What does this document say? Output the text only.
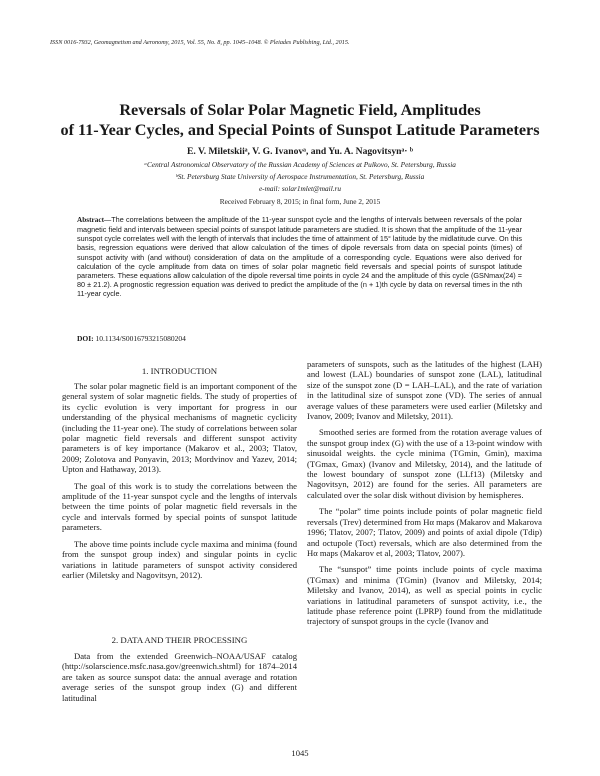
ISSN 0016-7932, Geomagnetism and Aeronomy, 2015, Vol. 55, No. 8, pp. 1045–1048. © Pleiades Publishing, Ltd., 2015.
Reversals of Solar Polar Magnetic Field, Amplitudes
of 11-Year Cycles, and Special Points of Sunspot Latitude Parameters
E. V. Miletskiiᵃ, V. G. Ivanovᵃ, and Yu. A. Nagovitsynᵃ· ᵇ
ᵃCentral Astronomical Observatory of the Russian Academy of Sciences at Pulkovo, St. Petersburg, Russia
ᵇSt. Petersburg State University of Aerospace Instrumentation, St. Petersburg, Russia
e-mail: solar1mlet@mail.ru
Received February 8, 2015; in final form, June 2, 2015
Abstract—The correlations between the amplitude of the 11-year sunspot cycle and the lengths of intervals between reversals of the polar magnetic field and intervals between special points of sunspot latitude parameters are studied. It is shown that the amplitude of the 11-year sunspot cycle correlates well with the length of intervals that includes the time of attainment of 15° latitude by the midlatitude curve. On this basis, regression equations were derived that allow calculation of the times of dipole reversals from data on special points (times) of sunspot activity with (and without) consideration of data on the amplitude of a corresponding cycle. Equations were also derived for calculation of the cycle amplitude from data on times of solar polar magnetic field reversals and special points of sunspot latitude parameters. These equations allow calculation of the dipole reversal time points in cycle 24 and the amplitude of this cycle (GSNmax(24) = 80 ± 21.2). A prognostic regression equation was derived to predict the amplitude of the (n + 1)th cycle by data on reversal times in the nth 11-year cycle.
DOI: 10.1134/S0016793215080204
1. INTRODUCTION

The solar polar magnetic field is an important component of the general system of solar magnetic fields. The study of properties of its cyclic evolution is very important for progress in our understanding of the physical mechanisms of magnetic cyclicity (including the 11-year one). The study of correlations between solar polar magnetic field reversals and different sunspot activity parameters is of key importance (Makarov et al., 2003; Tlatov, 2009; Zolotova and Ponyavin, 2013; Mordvinov and Yazev, 2014; Upton and Hathaway, 2013).

The goal of this work is to study the correlations between the amplitude of the 11-year sunspot cycle and the lengths of intervals between the time points of polar magnetic field reversals in the cycle and intervals formed by special points of sunspot latitude parameters.

The above time points include cycle maxima and minima (found from the sunspot group index) and singular points in cyclic variations in latitude parameters of sunspot activity considered earlier (Miletsky and Nagovitsyn, 2012).

2. DATA AND THEIR PROCESSING

Data from the extended Greenwich–NOAA/USAF catalog (http://solarscience.msfc.nasa.gov/greenwich.shtml) for 1874–2014 are taken as source sunspot data: the annual average and rotation average series of the sunspot group index (G) and different latitudinal

parameters of sunspots, such as the latitudes of the highest (LAH) and lowest (LAL) boundaries of sunspot zone (LAL), latitudinal size of the sunspot zone (D = LAH–LAL), and the rate of variation in the latitudinal size of sunspot zone (VD). The series of annual average values of these parameters were used earlier (Miletsky and Ivanov, 2009; Ivanov and Miletsky, 2011).

Smoothed series are formed from the rotation average values of the sunspot group index (G) with the use of a 13-point window with sinusoidal weights. the cycle minima (TGmin, Gmin), maxima (TGmax, Gmax) (Ivanov and Miletsky, 2014), and the latitude of the lowest boundary of sunspot zone (LLf13) (Miletsky and Nagovitsyn, 2012) are found for the series. All parameters are calculated over the solar disk without division by hemispheres.

The “polar” time points include points of polar magnetic field reversals (Trev) determined from Hα maps (Makarov and Makarova 1996; Tlatov, 2007; Tlatov, 2009) and points of axial dipole (Tdip) and octupole (Toct) reversals, which are also determined from the Hα maps (Makarov et al, 2003; Tlatov, 2007).

The “sunspot” time points include points of cycle maxima (TGmax) and minima (TGmin) (Ivanov and Miletsky, 2014; Miletsky and Ivanov, 2014), as well as special points in cyclic variations in latitudinal parameters of sunspot activity, i.e., the latitude phase reference point (LPRP) found from the midlatitude trajectory of sunspot groups in the cycle (Ivanov and

1045
